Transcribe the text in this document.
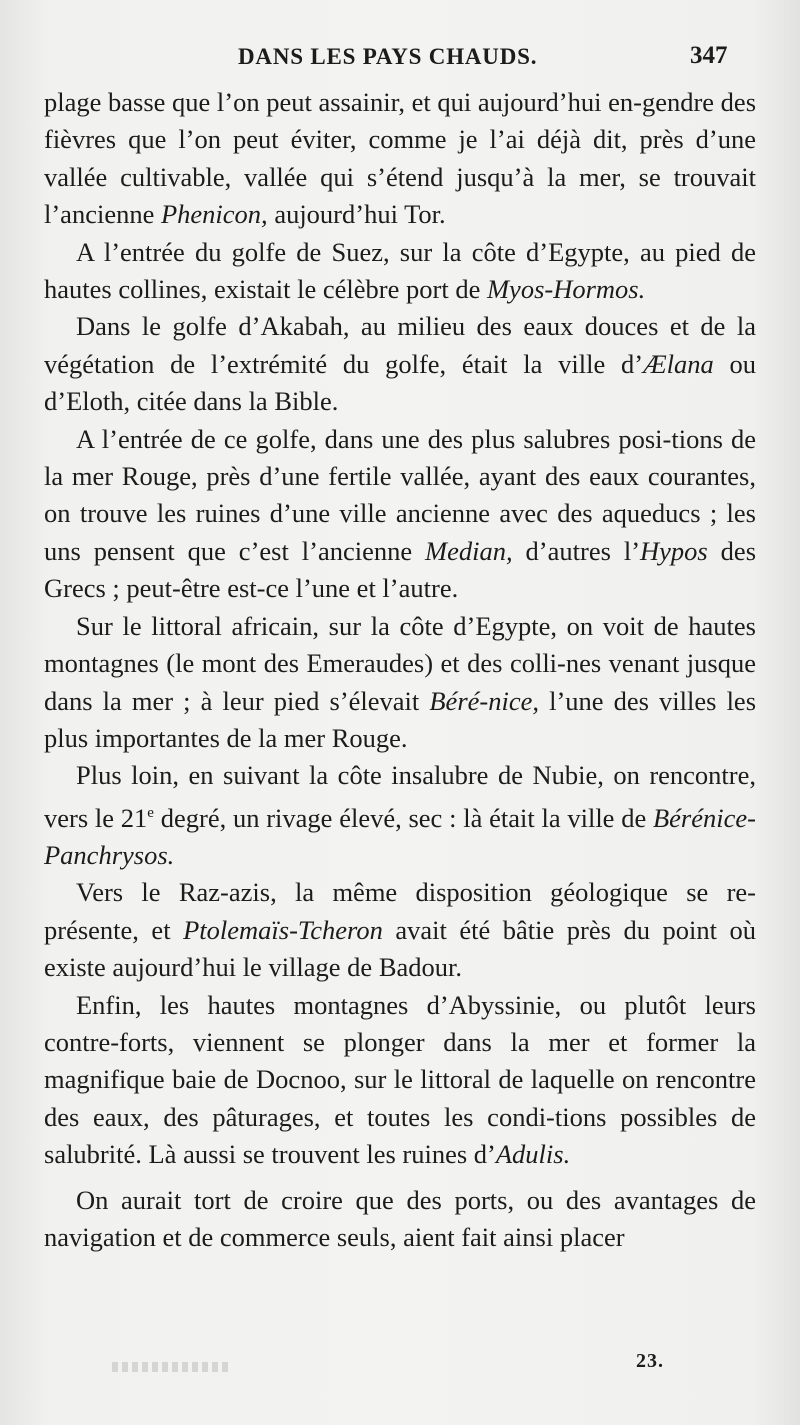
DANS LES PAYS CHAUDS.	347

plage basse que l’on peut assainir, et qui aujourd’hui en-gendre des fièvres que l’on peut éviter, comme je l’ai déjà dit, près d’une vallée cultivable, vallée qui s’étend jusqu’à la mer, se trouvait l’ancienne Phenicon, aujourd’hui Tor.

A l’entrée du golfe de Suez, sur la côte d’Egypte, au pied de hautes collines, existait le célèbre port de Myos-Hormos.

Dans le golfe d’Akabah, au milieu des eaux douces et de la végétation de l’extrémité du golfe, était la ville d’Ælana ou d’Eloth, citée dans la Bible.

A l’entrée de ce golfe, dans une des plus salubres posi-tions de la mer Rouge, près d’une fertile vallée, ayant des eaux courantes, on trouve les ruines d’une ville ancienne avec des aqueducs ; les uns pensent que c’est l’ancienne Median, d’autres l’Hypos des Grecs ; peut-être est-ce l’une et l’autre.

Sur le littoral africain, sur la côte d’Egypte, on voit de hautes montagnes (le mont des Emeraudes) et des colli-nes venant jusque dans la mer ; à leur pied s’élevait Béré-nice, l’une des villes les plus importantes de la mer Rouge.

Plus loin, en suivant la côte insalubre de Nubie, on rencontre, vers le 21e degré, un rivage élevé, sec : là était la ville de Bérénice-Panchrysos.

Vers le Raz-azis, la même disposition géologique se re-présente, et Ptolemaïs-Tcheron avait été bâtie près du point où existe aujourd’hui le village de Badour.

Enfin, les hautes montagnes d’Abyssinie, ou plutôt leurs contre-forts, viennent se plonger dans la mer et former la magnifique baie de Docnoo, sur le littoral de laquelle on rencontre des eaux, des pâturages, et toutes les condi-tions possibles de salubrité. Là aussi se trouvent les ruines d’Adulis.

On aurait tort de croire que des ports, ou des avantages de navigation et de commerce seuls, aient fait ainsi placer

23.
